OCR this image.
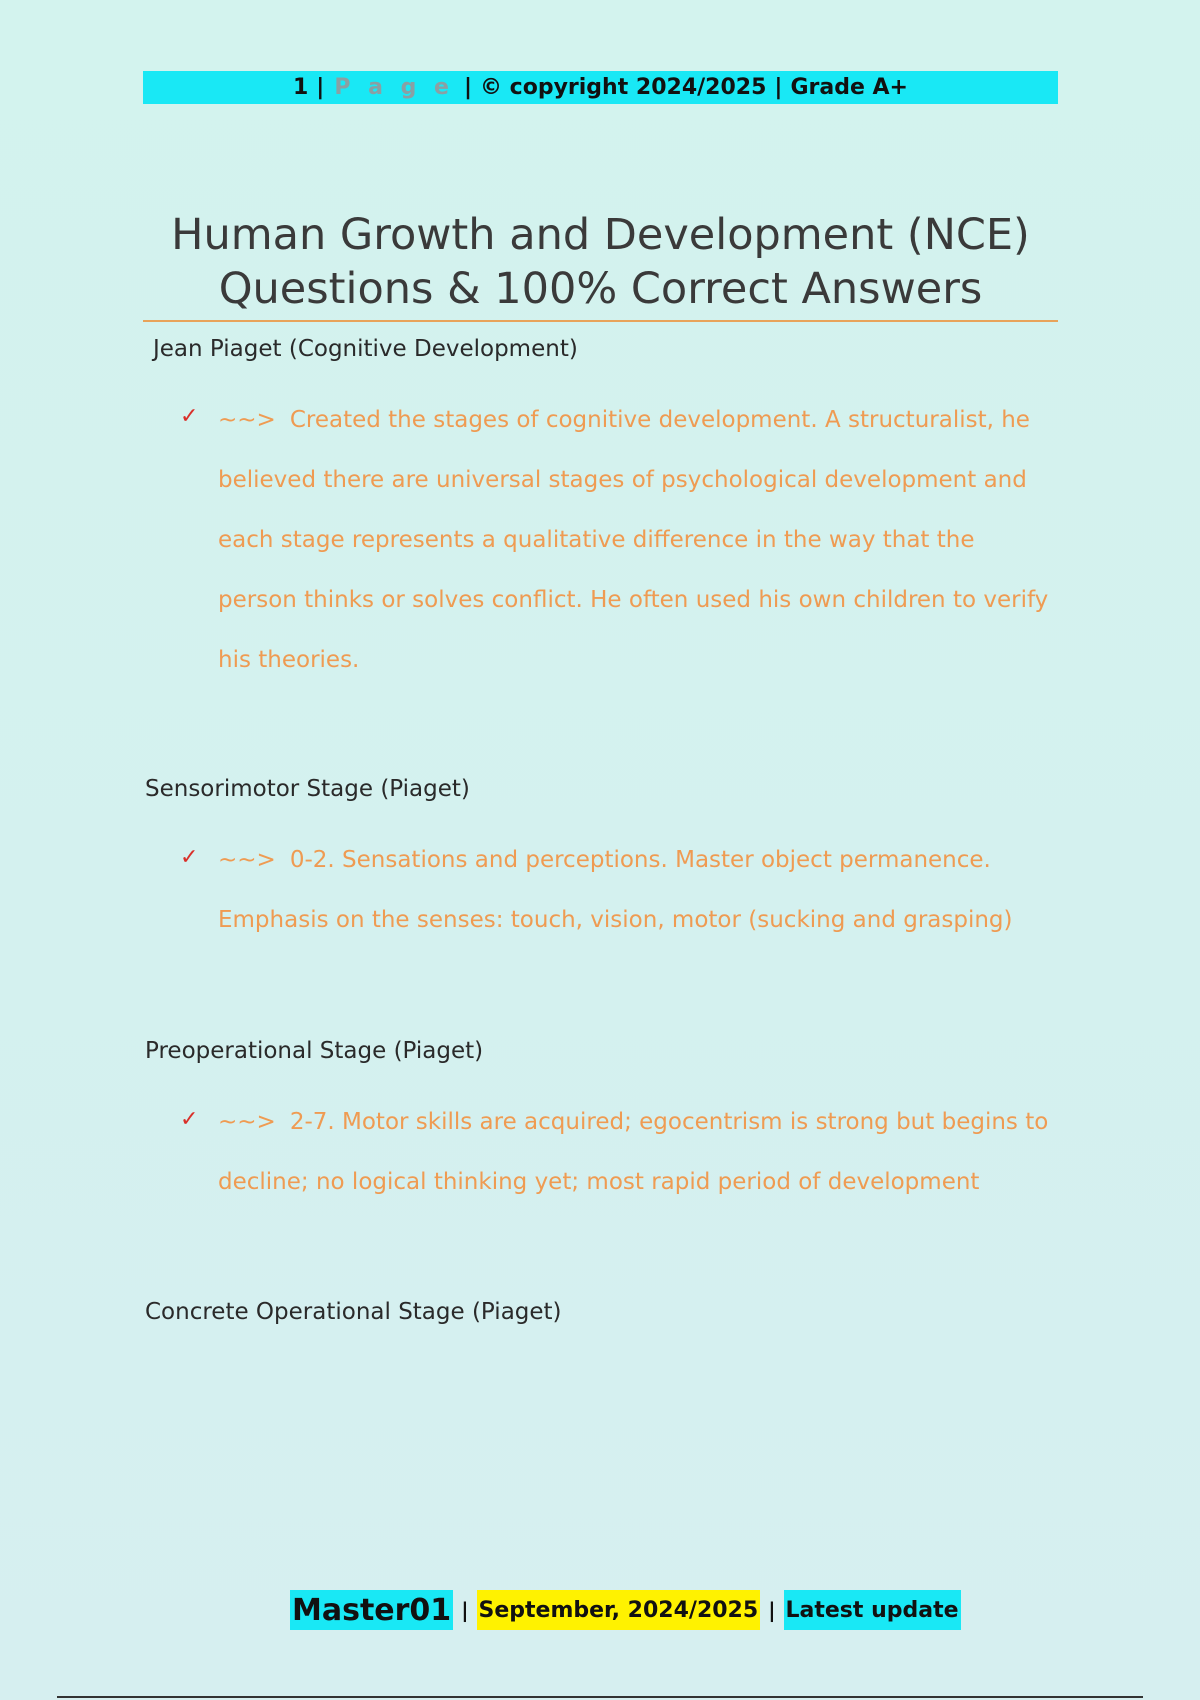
1 | P a g e | © copyright 2024/2025 | Grade A+
Human Growth and Development (NCE)
Questions & 100% Correct Answers
Jean Piaget (Cognitive Development)
✓ ~~> Created the stages of cognitive development. A structuralist, he
believed there are universal stages of psychological development and
each stage represents a qualitative difference in the way that the
person thinks or solves conflict. He often used his own children to verify
his theories.
Sensorimotor Stage (Piaget)
✓ ~~> 0-2. Sensations and perceptions. Master object permanence.
Emphasis on the senses: touch, vision, motor (sucking and grasping)
Preoperational Stage (Piaget)
✓ ~~> 2-7. Motor skills are acquired; egocentrism is strong but begins to
decline; no logical thinking yet; most rapid period of development
Concrete Operational Stage (Piaget)
Master01 | September, 2024/2025 | Latest update
